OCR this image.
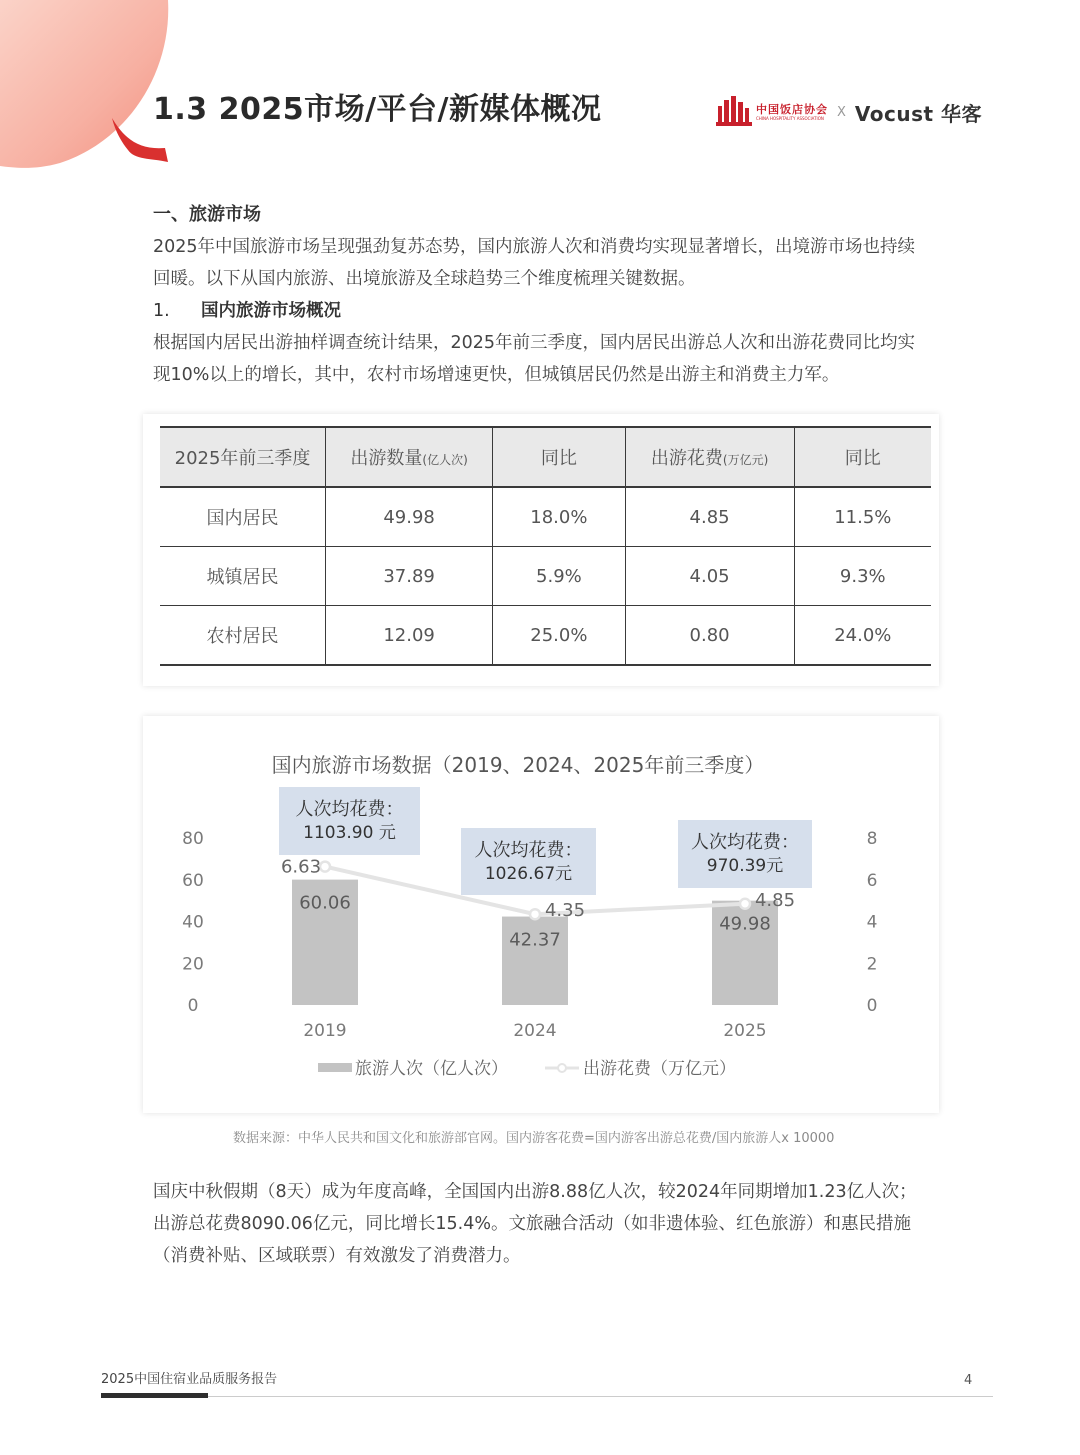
1.3 2025市场/平台/新媒体概况	中国饭店协会
CHINA HOSPITALITY ASSOCIATION	X Vocust 华客
一、旅游市场

2025年中国旅游市场呈现强劲复苏态势，国内旅游人次和消费均实现显著增长，出境游市场也持续回暖。以下从国内旅游、出境旅游及全球趋势三个维度梳理关键数据。

1. 国内旅游市场概况

根据国内居民出游抽样调查统计结果，2025年前三季度，国内居民出游总人次和出游花费同比均实现10%以上的增长，其中，农村市场增速更快，但城镇居民仍然是出游主和消费主力军。

2025年前三季度	出游数量(亿人次)	同比	出游花费(万亿元)	同比
国内居民	49.98	18.0%	4.85	11.5%
城镇居民	37.89	5.9%	4.05	9.3%
农村居民	12.09	25.0%	0.80	24.0%
国内旅游市场数据（2019、2024、2025年前三季度）
0
20
40
60
80
0
2
4
6
8
60.06
42.37
49.98
6.63
4.35	4.85
2019	2024	2025
人次均花费：
1103.90 元
人次均花费：
1026.67元
人次均花费：
970.39元
旅游人次（亿人次）	出游花费（万亿元）

数据来源：中华人民共和国文化和旅游部官网。国内游客花费=国内游客出游总花费/国内旅游人x 10000

国庆中秋假期（8天）成为年度高峰，全国国内出游8.88亿人次，较2024年同期增加1.23亿人次；出游总花费8090.06亿元，同比增长15.4%。文旅融合活动（如非遗体验、红色旅游）和惠民措施（消费补贴、区域联票）有效激发了消费潜力。

2025中国住宿业品质服务报告	4
